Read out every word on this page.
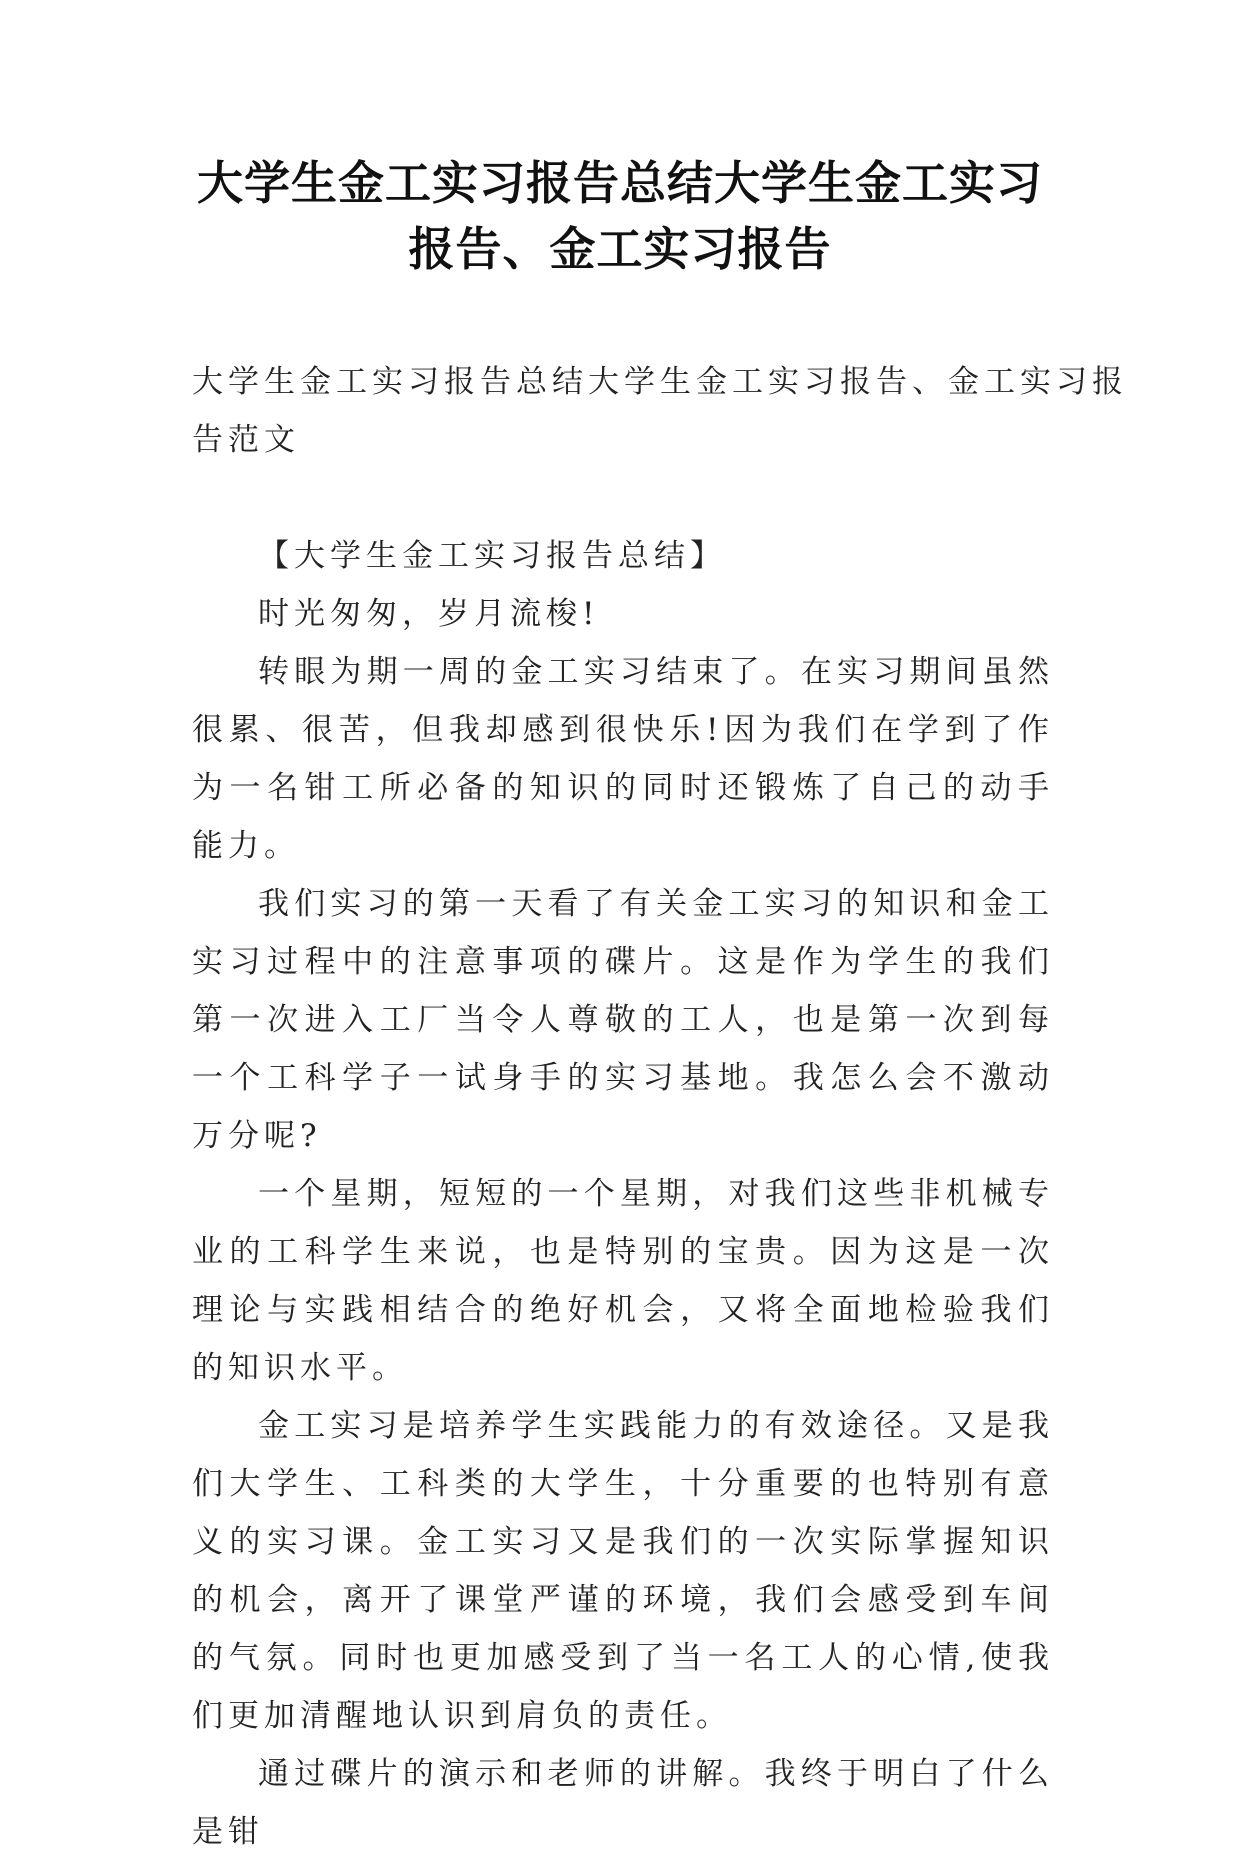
大学生金工实习报告总结大学生金工实习
报告、金工实习报告
大学生金工实习报告总结大学生金工实习报告、金工实习报
告范文

【大学生金工实习报告总结】

时光匆匆，岁月流梭!

转眼为期一周的金工实习结束了。在实习期间虽然很累、很苦，但我却感到很快乐!因为我们在学到了作为一名钳工所必备的知识的同时还锻炼了自己的动手能力。

我们实习的第一天看了有关金工实习的知识和金工实习过程中的注意事项的碟片。这是作为学生的我们第一次进入工厂当令人尊敬的工人，也是第一次到每一个工科学子一试身手的实习基地。我怎么会不激动万分呢?

一个星期，短短的一个星期，对我们这些非机械专业的工科学生来说，也是特别的宝贵。因为这是一次理论与实践相结合的绝好机会，又将全面地检验我们的知识水平。

金工实习是培养学生实践能力的有效途径。又是我们大学生、工科类的大学生，十分重要的也特别有意义的实习课。金工实习又是我们的一次实际掌握知识的机会，离开了课堂严谨的环境，我们会感受到车间的气氛。同时也更加感受到了当一名工人的心情,使我们更加清醒地认识到肩负的责任。

通过碟片的演示和老师的讲解。我终于明白了什么是钳
